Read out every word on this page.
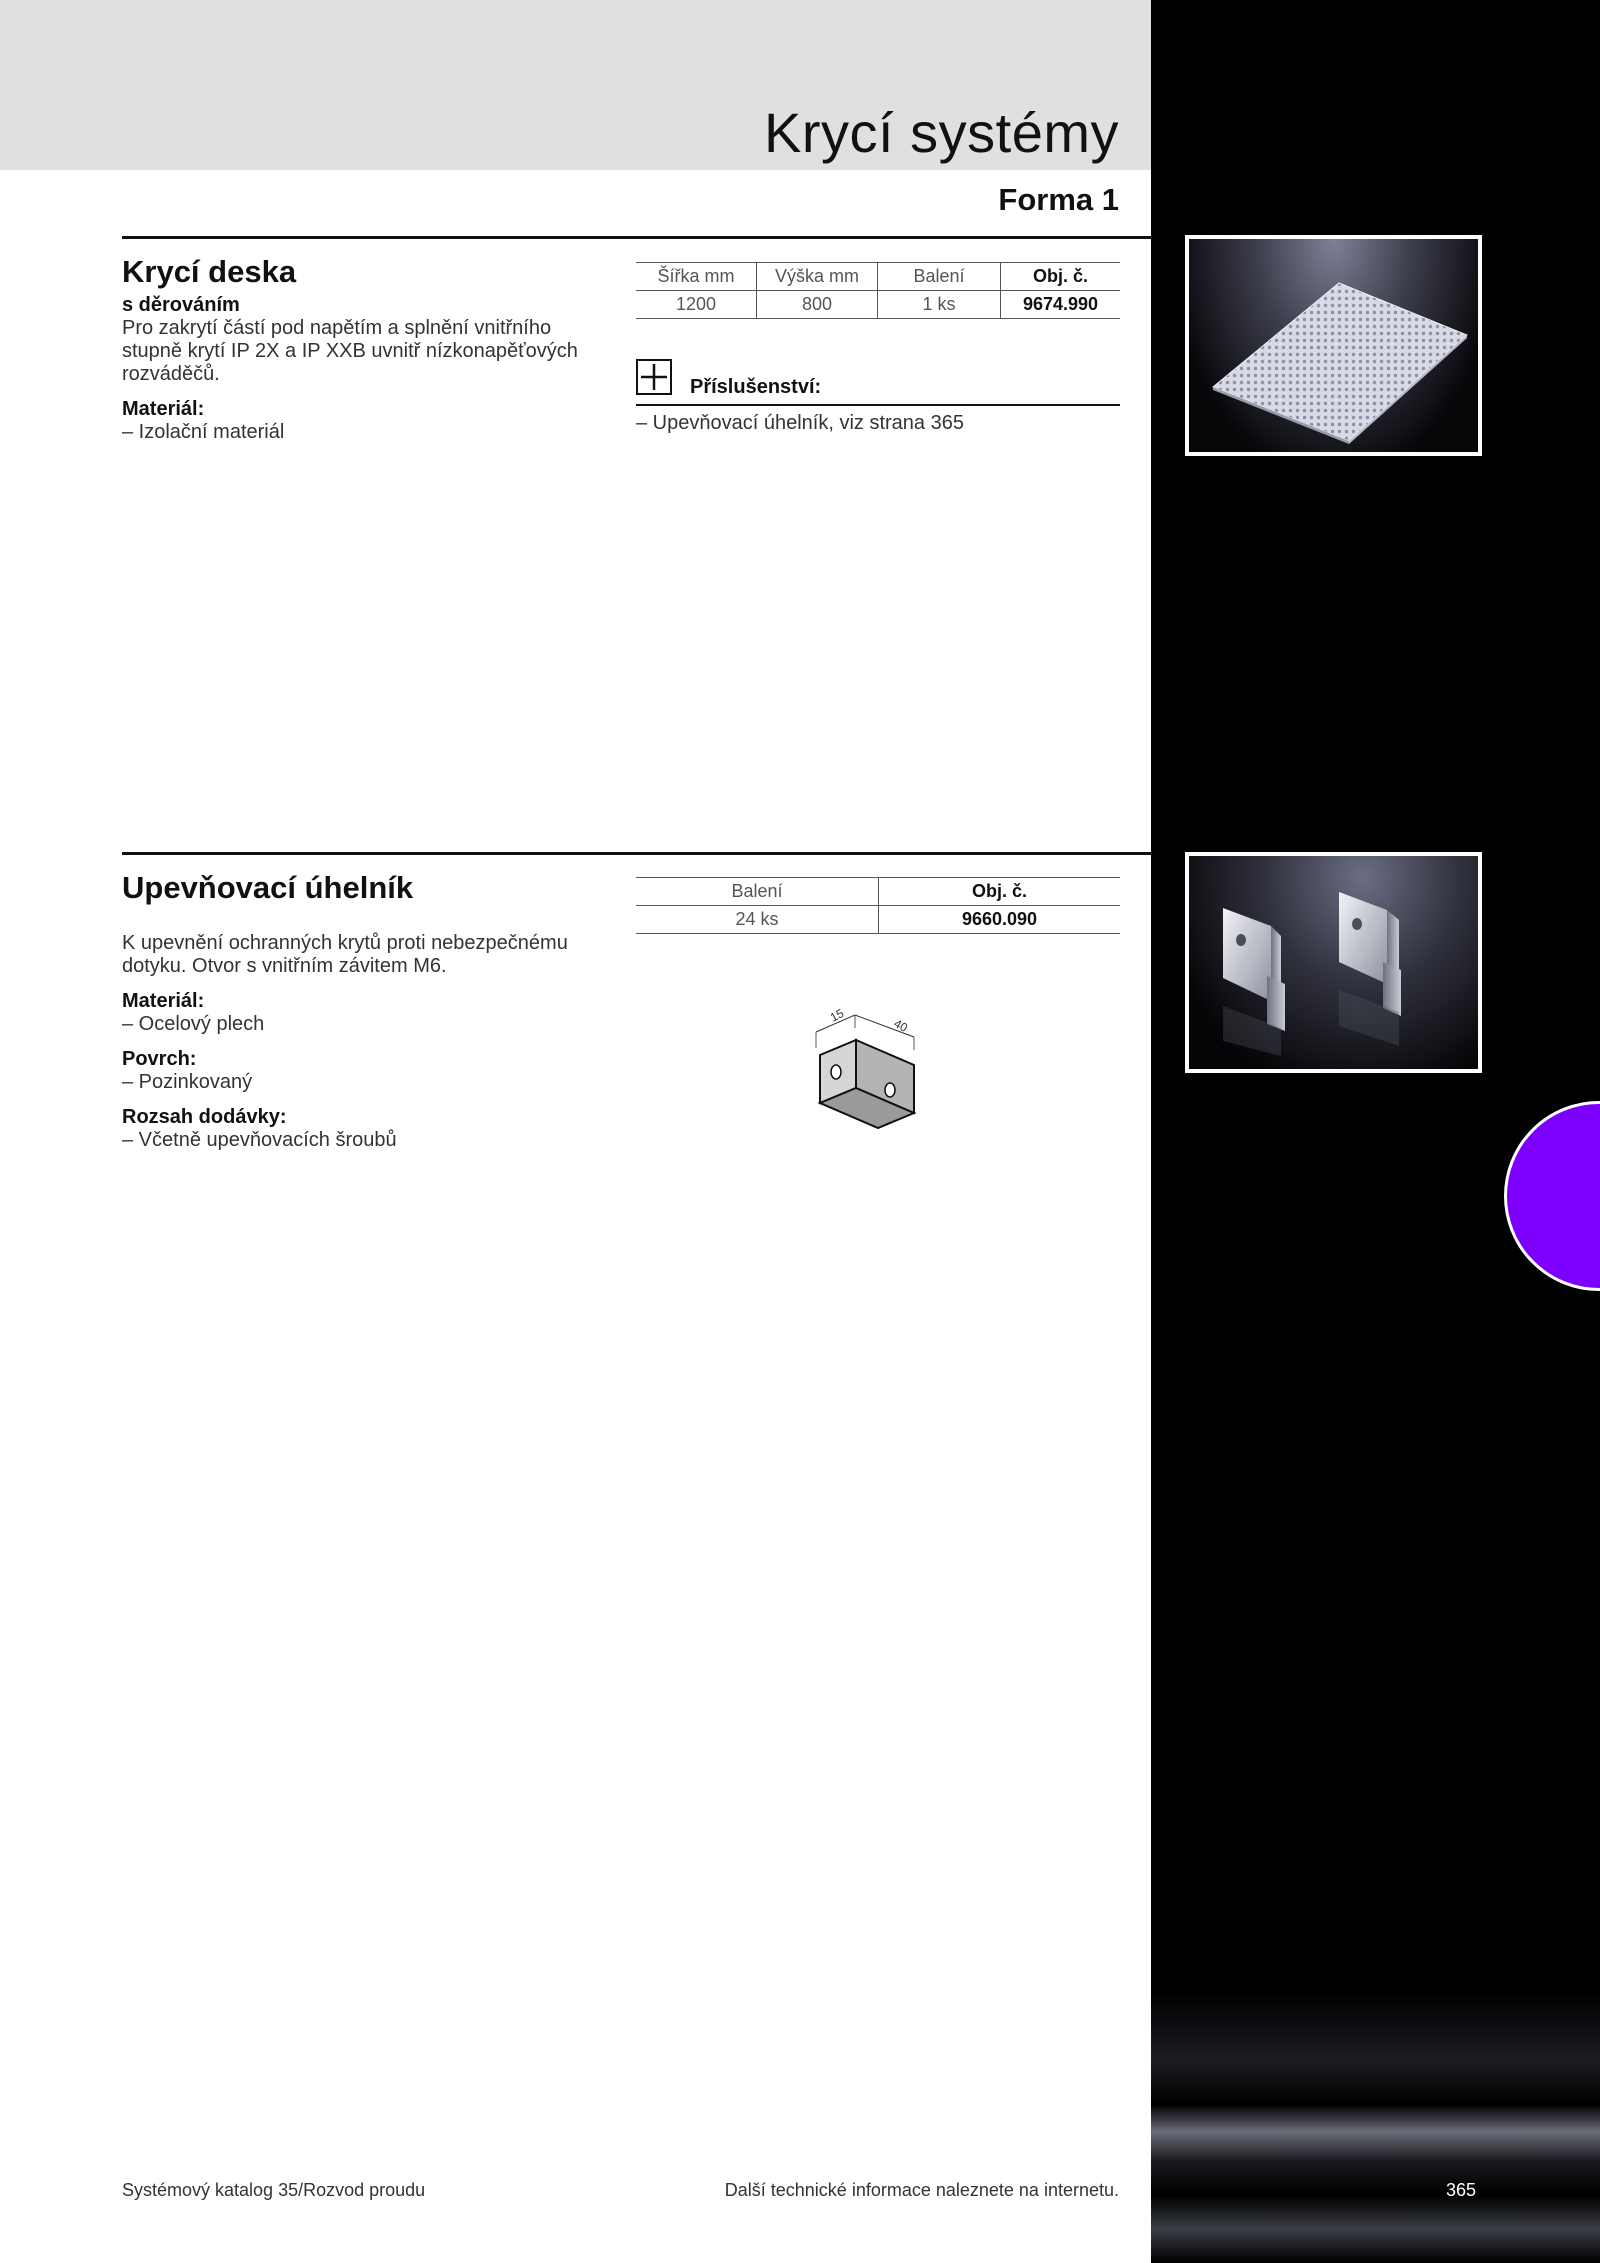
Krycí systémy
Forma 1
Krycí deska
s děrováním
Pro zakrytí částí pod napětím a splnění vnitřního
stupně krytí IP 2X a IP XXB uvnitř nízkonapěťových
rozváděčů.
Materiál:
– Izolační materiál
Šířka mm	Výška mm	Balení	Obj. č.
1200	800	1 ks	9674.990
Příslušenství:
– Upevňovací úhelník, viz strana 365
Upevňovací úhelník
K upevnění ochranných krytů proti nebezpečnému
dotyku. Otvor s vnitřním závitem M6.
Materiál:
– Ocelový plech
Povrch:
– Pozinkovaný
Rozsah dodávky:
– Včetně upevňovacích šroubů
Balení	Obj. č.
24 ks	9660.090
15
40
Systémový katalog 35/Rozvod proudu	Další technické informace naleznete na internetu.	365
